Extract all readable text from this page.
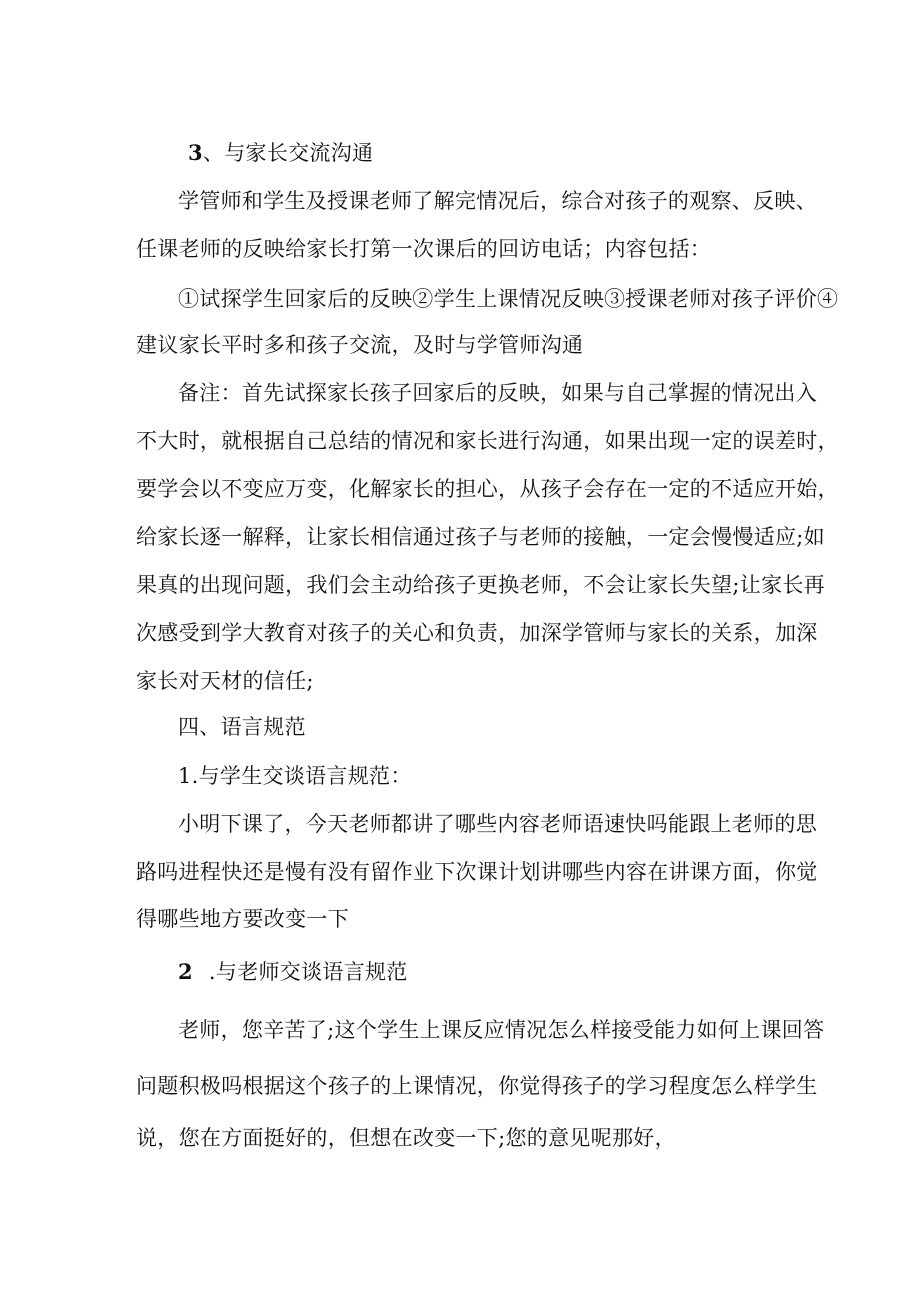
3、与家长交流沟通

学管师和学生及授课老师了解完情况后，综合对孩子的观察、反映、

任课老师的反映给家长打第一次课后的回访电话；内容包括：

①试探学生回家后的反映②学生上课情况反映③授课老师对孩子评价④

建议家长平时多和孩子交流，及时与学管师沟通

备注：首先试探家长孩子回家后的反映，如果与自己掌握的情况出入

不大时，就根据自己总结的情况和家长进行沟通，如果出现一定的误差时，

要学会以不变应万变，化解家长的担心，从孩子会存在一定的不适应开始，

给家长逐一解释，让家长相信通过孩子与老师的接触，一定会慢慢适应;如

果真的出现问题，我们会主动给孩子更换老师，不会让家长失望;让家长再

次感受到学大教育对孩子的关心和负责，加深学管师与家长的关系，加深

家长对天材的信任;

四、语言规范

1.与学生交谈语言规范：

小明下课了，今天老师都讲了哪些内容老师语速快吗能跟上老师的思

路吗进程快还是慢有没有留作业下次课计划讲哪些内容在讲课方面，你觉

得哪些地方要改变一下

2 .与老师交谈语言规范

老师，您辛苦了;这个学生上课反应情况怎么样接受能力如何上课回答

问题积极吗根据这个孩子的上课情况，你觉得孩子的学习程度怎么样学生

说，您在方面挺好的，但想在改变一下;您的意见呢那好，
